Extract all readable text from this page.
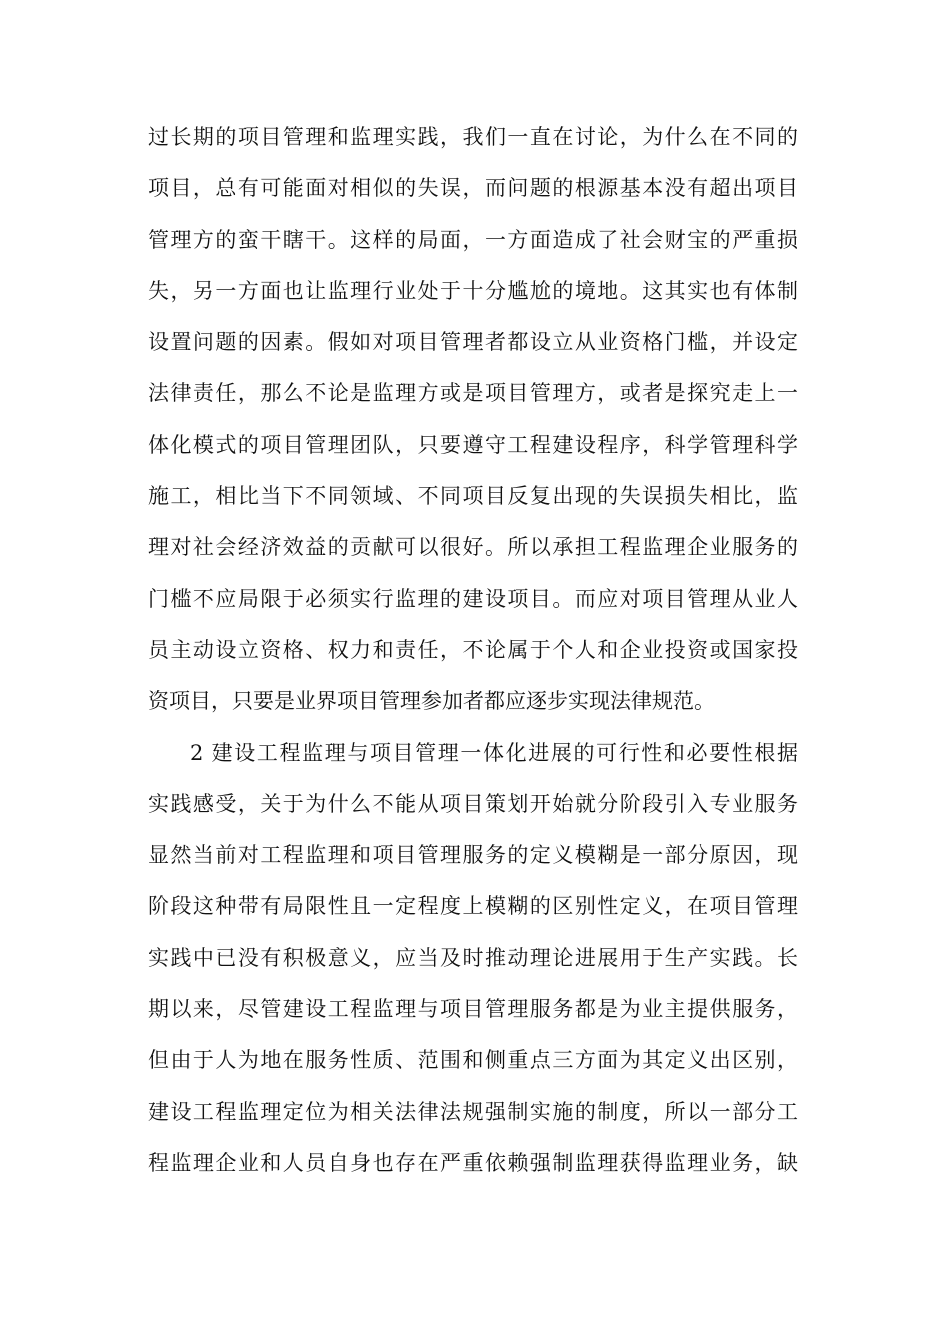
过长期的项目管理和监理实践，我们一直在讨论，为什么在不同的
项目，总有可能面对相似的失误，而问题的根源基本没有超出项目
管理方的蛮干瞎干。这样的局面，一方面造成了社会财宝的严重损
失，另一方面也让监理行业处于十分尴尬的境地。这其实也有体制
设置问题的因素。假如对项目管理者都设立从业资格门槛，并设定
法律责任，那么不论是监理方或是项目管理方，或者是探究走上一
体化模式的项目管理团队，只要遵守工程建设程序，科学管理科学
施工，相比当下不同领域、不同项目反复出现的失误损失相比，监
理对社会经济效益的贡献可以很好。所以承担工程监理企业服务的
门槛不应局限于必须实行监理的建设项目。而应对项目管理从业人
员主动设立资格、权力和责任，不论属于个人和企业投资或国家投
资项目，只要是业界项目管理参加者都应逐步实现法律规范。
2 建设工程监理与项目管理一体化进展的可行性和必要性根据
实践感受，关于为什么不能从项目策划开始就分阶段引入专业服务
显然当前对工程监理和项目管理服务的定义模糊是一部分原因，现
阶段这种带有局限性且一定程度上模糊的区别性定义，在项目管理
实践中已没有积极意义，应当及时推动理论进展用于生产实践。长
期以来，尽管建设工程监理与项目管理服务都是为业主提供服务，
但由于人为地在服务性质、范围和侧重点三方面为其定义出区别，
建设工程监理定位为相关法律法规强制实施的制度，所以一部分工
程监理企业和人员自身也存在严重依赖强制监理获得监理业务，缺
